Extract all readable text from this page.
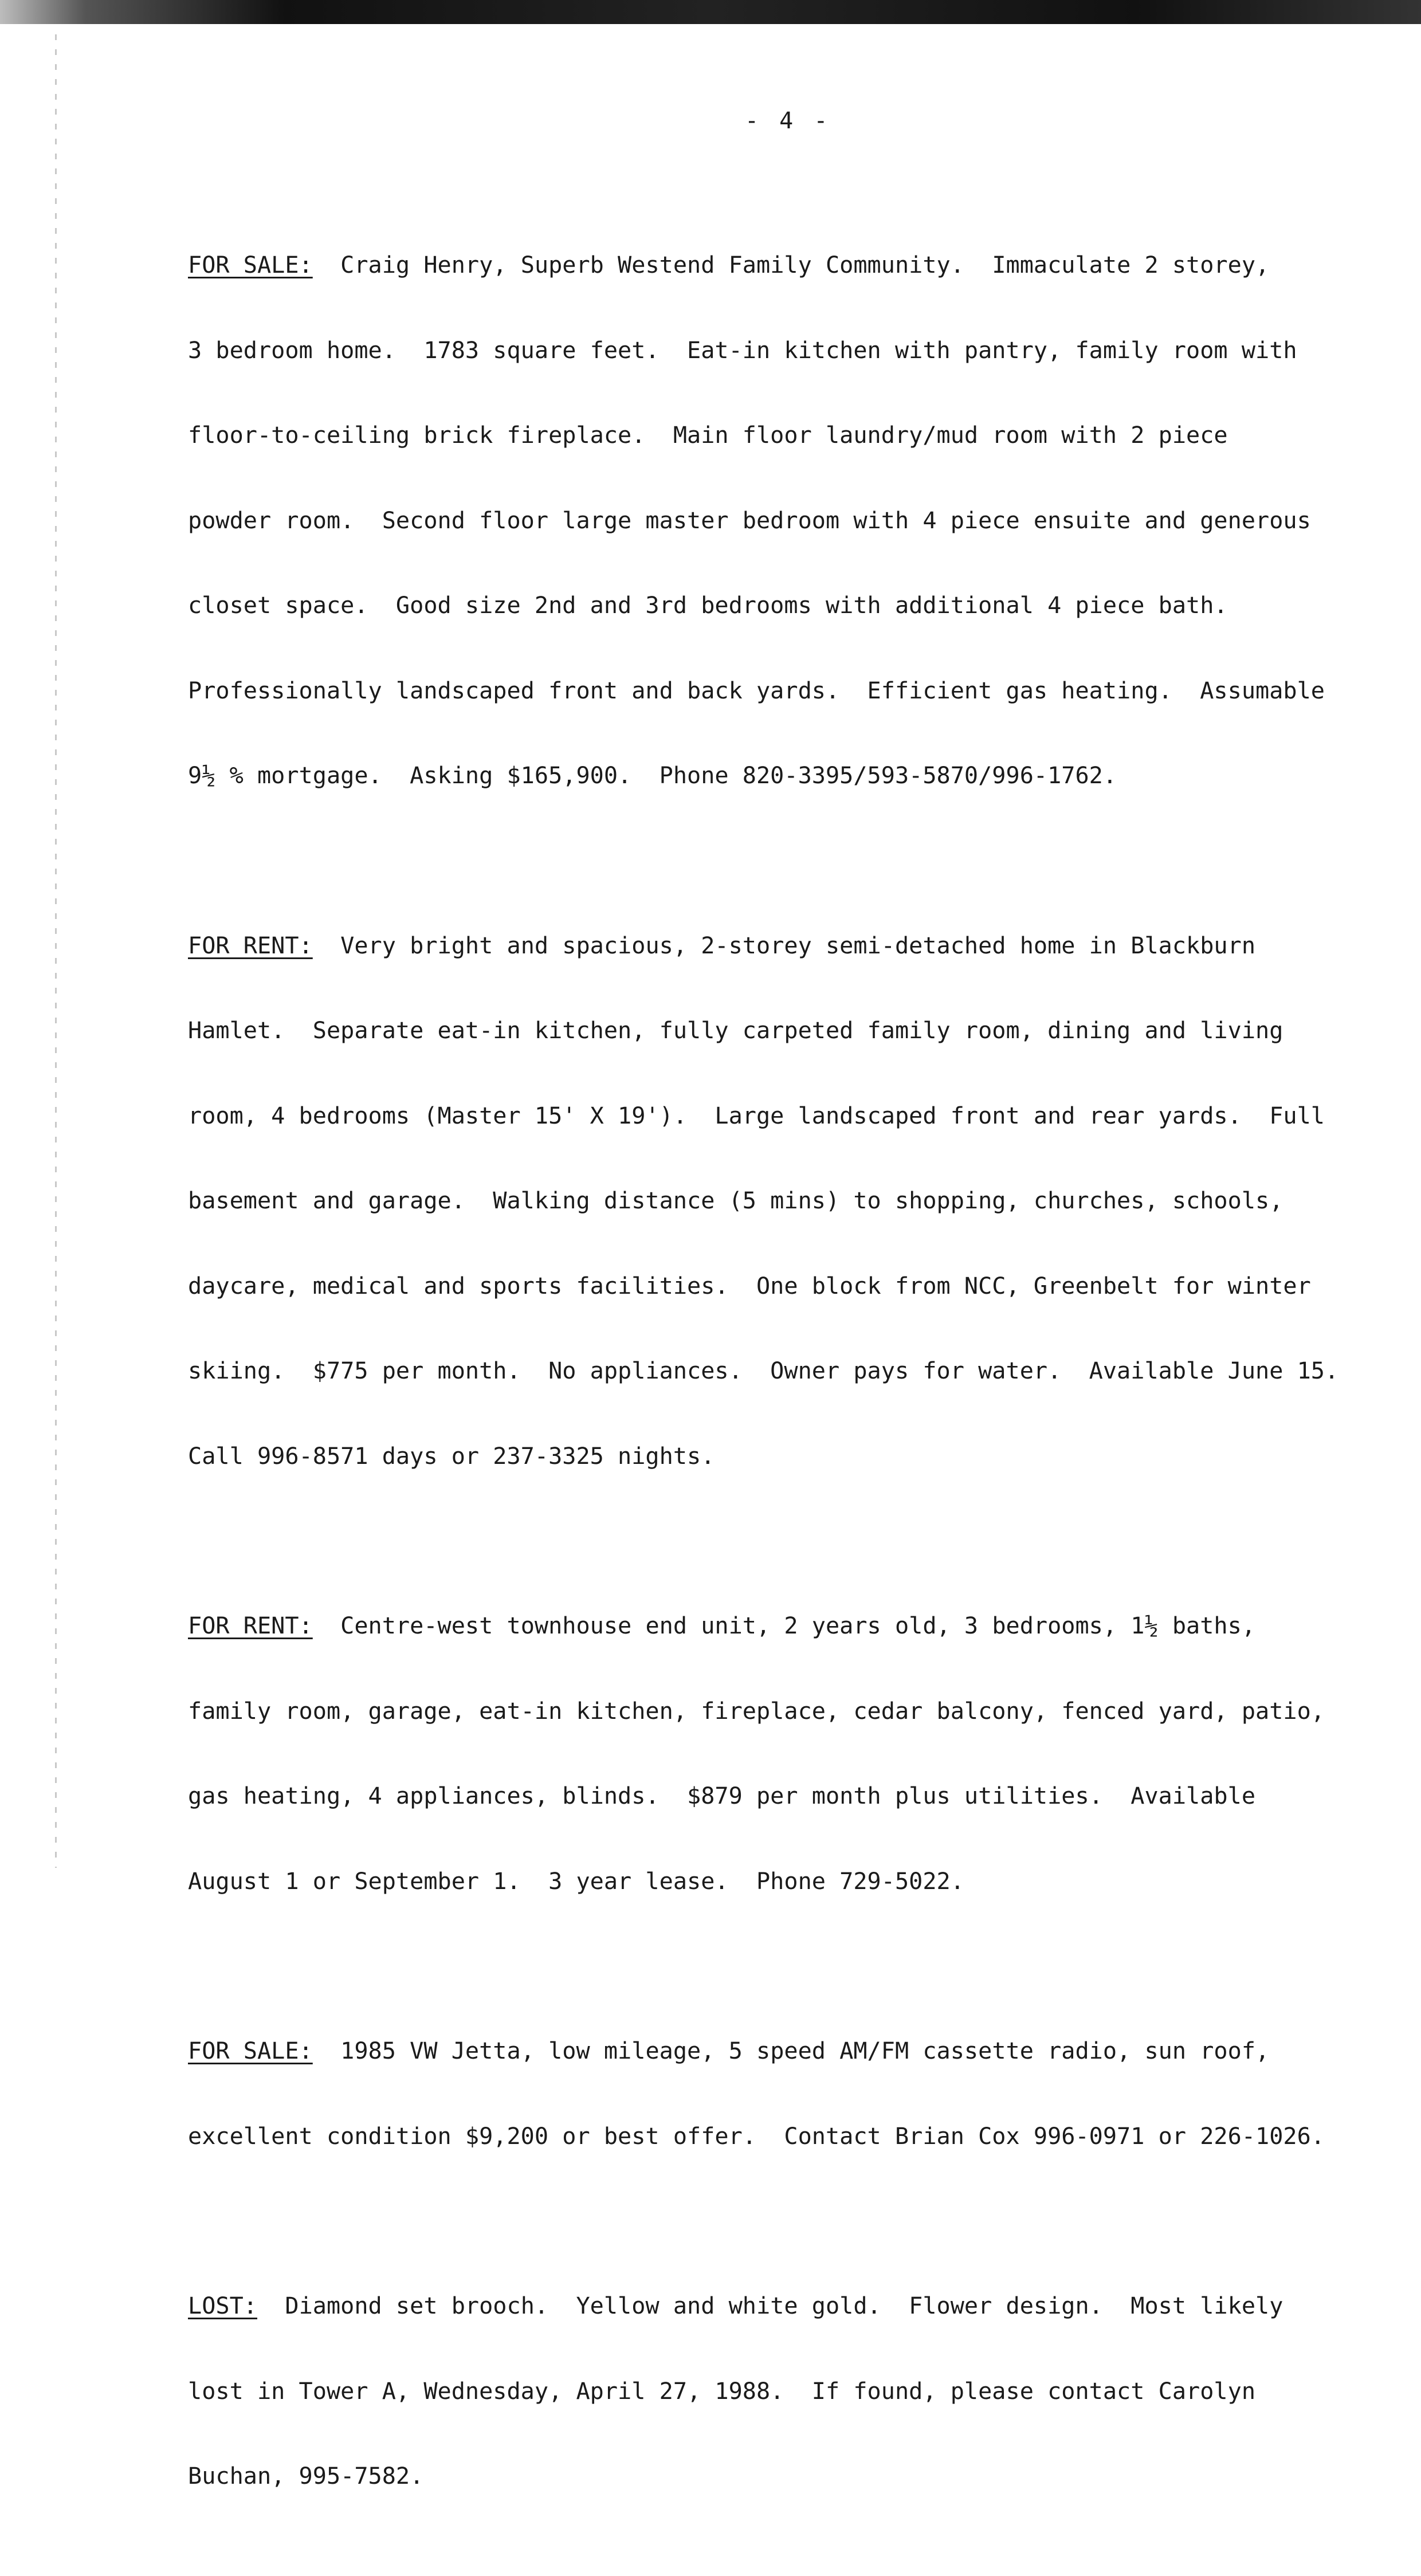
- 4 -

FOR SALE:  Craig Henry, Superb Westend Family Community.  Immaculate 2 storey,

3 bedroom home.  1783 square feet.  Eat-in kitchen with pantry, family room with

floor-to-ceiling brick fireplace.  Main floor laundry/mud room with 2 piece

powder room.  Second floor large master bedroom with 4 piece ensuite and generous

closet space.  Good size 2nd and 3rd bedrooms with additional 4 piece bath.

Professionally landscaped front and back yards.  Efficient gas heating.  Assumable

9½ % mortgage.  Asking $165,900.  Phone 820-3395/593-5870/996-1762.

FOR RENT:  Very bright and spacious, 2-storey semi-detached home in Blackburn

Hamlet.  Separate eat-in kitchen, fully carpeted family room, dining and living

room, 4 bedrooms (Master 15' X 19').  Large landscaped front and rear yards.  Full

basement and garage.  Walking distance (5 mins) to shopping, churches, schools,

daycare, medical and sports facilities.  One block from NCC, Greenbelt for winter

skiing.  $775 per month.  No appliances.  Owner pays for water.  Available June 15.

Call 996-8571 days or 237-3325 nights.

FOR RENT:  Centre-west townhouse end unit, 2 years old, 3 bedrooms, 1½ baths,

family room, garage, eat-in kitchen, fireplace, cedar balcony, fenced yard, patio,

gas heating, 4 appliances, blinds.  $879 per month plus utilities.  Available

August 1 or September 1.  3 year lease.  Phone 729-5022.

FOR SALE:  1985 VW Jetta, low mileage, 5 speed AM/FM cassette radio, sun roof,

excellent condition $9,200 or best offer.  Contact Brian Cox 996-0971 or 226-1026.

LOST:  Diamond set brooch.  Yellow and white gold.  Flower design.  Most likely

lost in Tower A, Wednesday, April 27, 1988.  If found, please contact Carolyn

Buchan, 995-7582.
